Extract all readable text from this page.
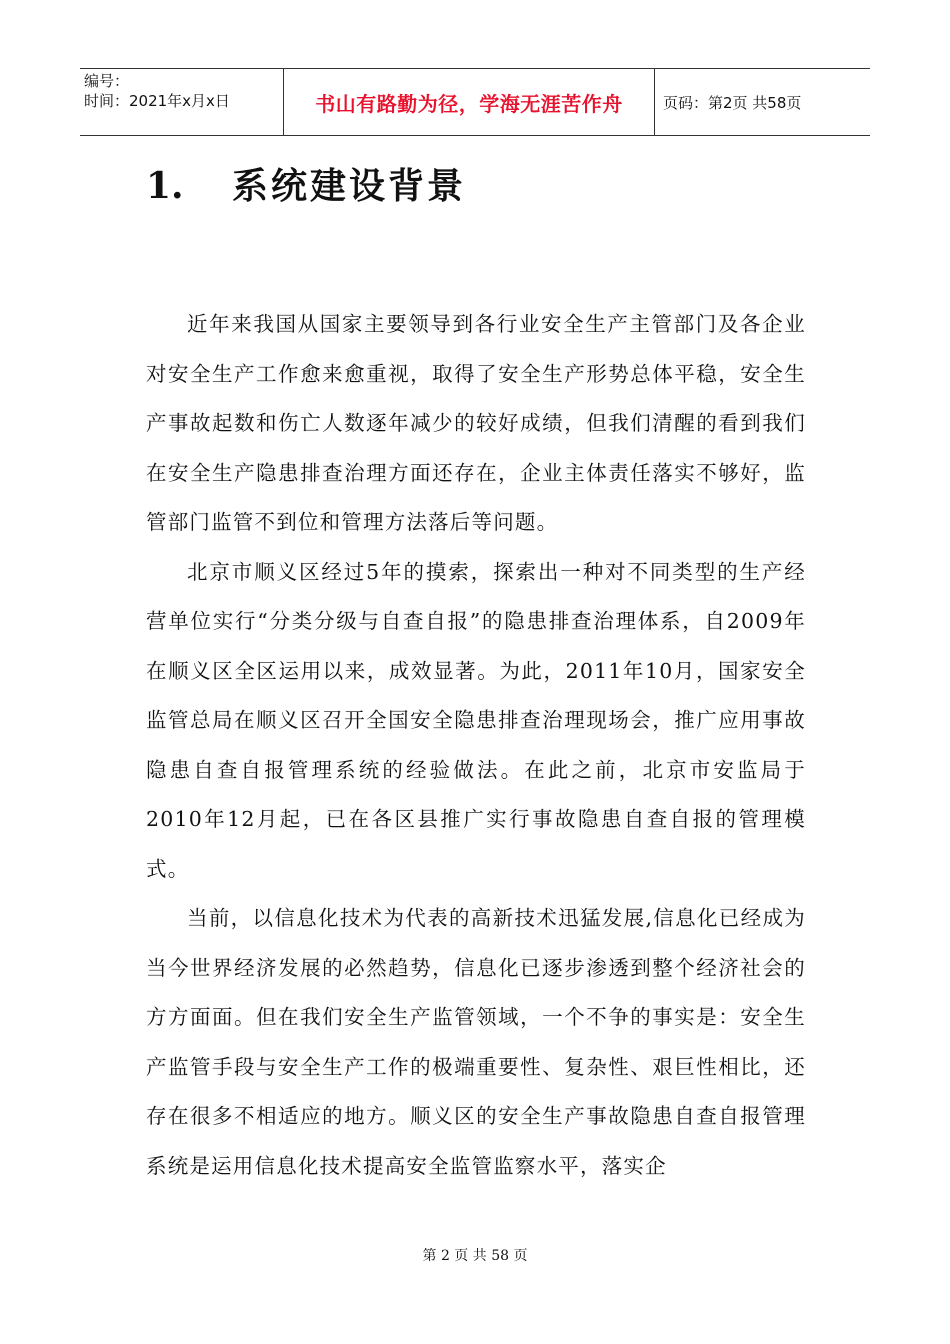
编号：
时间：2021年x月x日	书山有路勤为径，学海无涯苦作舟	页码：第2页 共58页
1.	系统建设背景

近年来我国从国家主要领导到各行业安全生产主管部门及各企业对安全生产工作愈来愈重视，取得了安全生产形势总体平稳，安全生产事故起数和伤亡人数逐年减少的较好成绩，但我们清醒的看到我们在安全生产隐患排查治理方面还存在，企业主体责任落实不够好，监管部门监管不到位和管理方法落后等问题。

北京市顺义区经过5年的摸索，探索出一种对不同类型的生产经营单位实行“分类分级与自查自报”的隐患排查治理体系，自2009年在顺义区全区运用以来，成效显著。为此，2011年10月，国家安全监管总局在顺义区召开全国安全隐患排查治理现场会，推广应用事故隐患自查自报管理系统的经验做法。在此之前，北京市安监局于2010年12月起，已在各区县推广实行事故隐患自查自报的管理模式。

当前，以信息化技术为代表的高新技术迅猛发展,信息化已经成为当今世界经济发展的必然趋势，信息化已逐步渗透到整个经济社会的方方面面。但在我们安全生产监管领域，一个不争的事实是：安全生产监管手段与安全生产工作的极端重要性、复杂性、艰巨性相比，还存在很多不相适应的地方。顺义区的安全生产事故隐患自查自报管理系统是运用信息化技术提高安全监管监察水平，落实企

第 2 页 共 58 页
